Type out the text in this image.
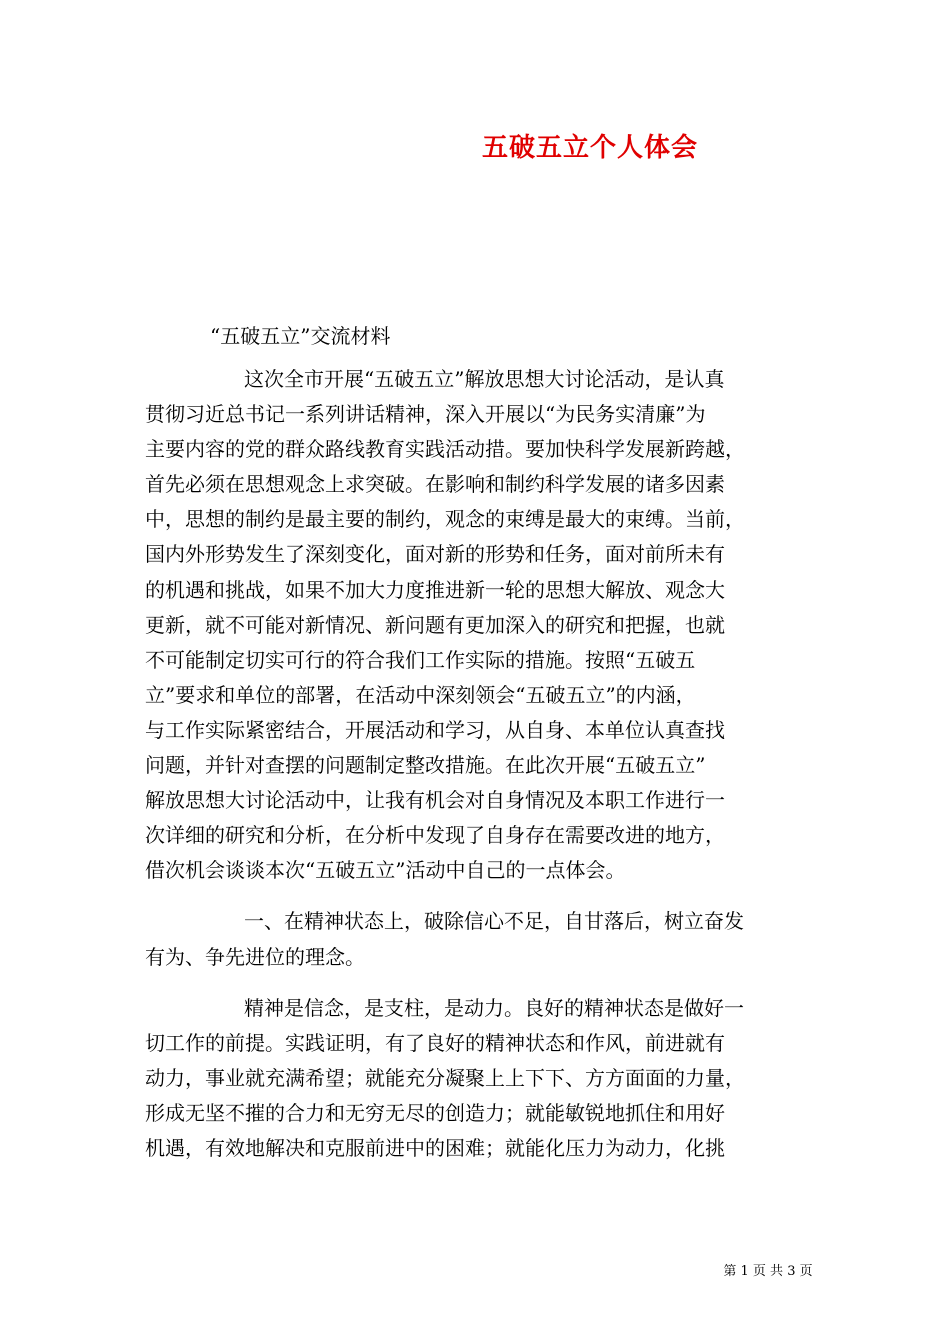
五破五立个人体会
“五破五立”交流材料
这次全市开展“五破五立”解放思想大讨论活动，是认真
贯彻习近总书记一系列讲话精神，深入开展以“为民务实清廉”为
主要内容的党的群众路线教育实践活动措。要加快科学发展新跨越，
首先必须在思想观念上求突破。在影响和制约科学发展的诸多因素
中，思想的制约是最主要的制约，观念的束缚是最大的束缚。当前，
国内外形势发生了深刻变化，面对新的形势和任务，面对前所未有
的机遇和挑战，如果不加大力度推进新一轮的思想大解放、观念大
更新，就不可能对新情况、新问题有更加深入的研究和把握，也就
不可能制定切实可行的符合我们工作实际的措施。按照“五破五
立”要求和单位的部署，在活动中深刻领会“五破五立”的内涵，
与工作实际紧密结合，开展活动和学习，从自身、本单位认真查找
问题，并针对查摆的问题制定整改措施。在此次开展“五破五立”
解放思想大讨论活动中，让我有机会对自身情况及本职工作进行一
次详细的研究和分析，在分析中发现了自身存在需要改进的地方，
借次机会谈谈本次“五破五立”活动中自己的一点体会。
一、在精神状态上，破除信心不足，自甘落后，树立奋发
有为、争先进位的理念。
精神是信念，是支柱，是动力。良好的精神状态是做好一
切工作的前提。实践证明，有了良好的精神状态和作风，前进就有
动力，事业就充满希望；就能充分凝聚上上下下、方方面面的力量，
形成无坚不摧的合力和无穷无尽的创造力；就能敏锐地抓住和用好
机遇，有效地解决和克服前进中的困难；就能化压力为动力，化挑
第 1 页 共 3 页
